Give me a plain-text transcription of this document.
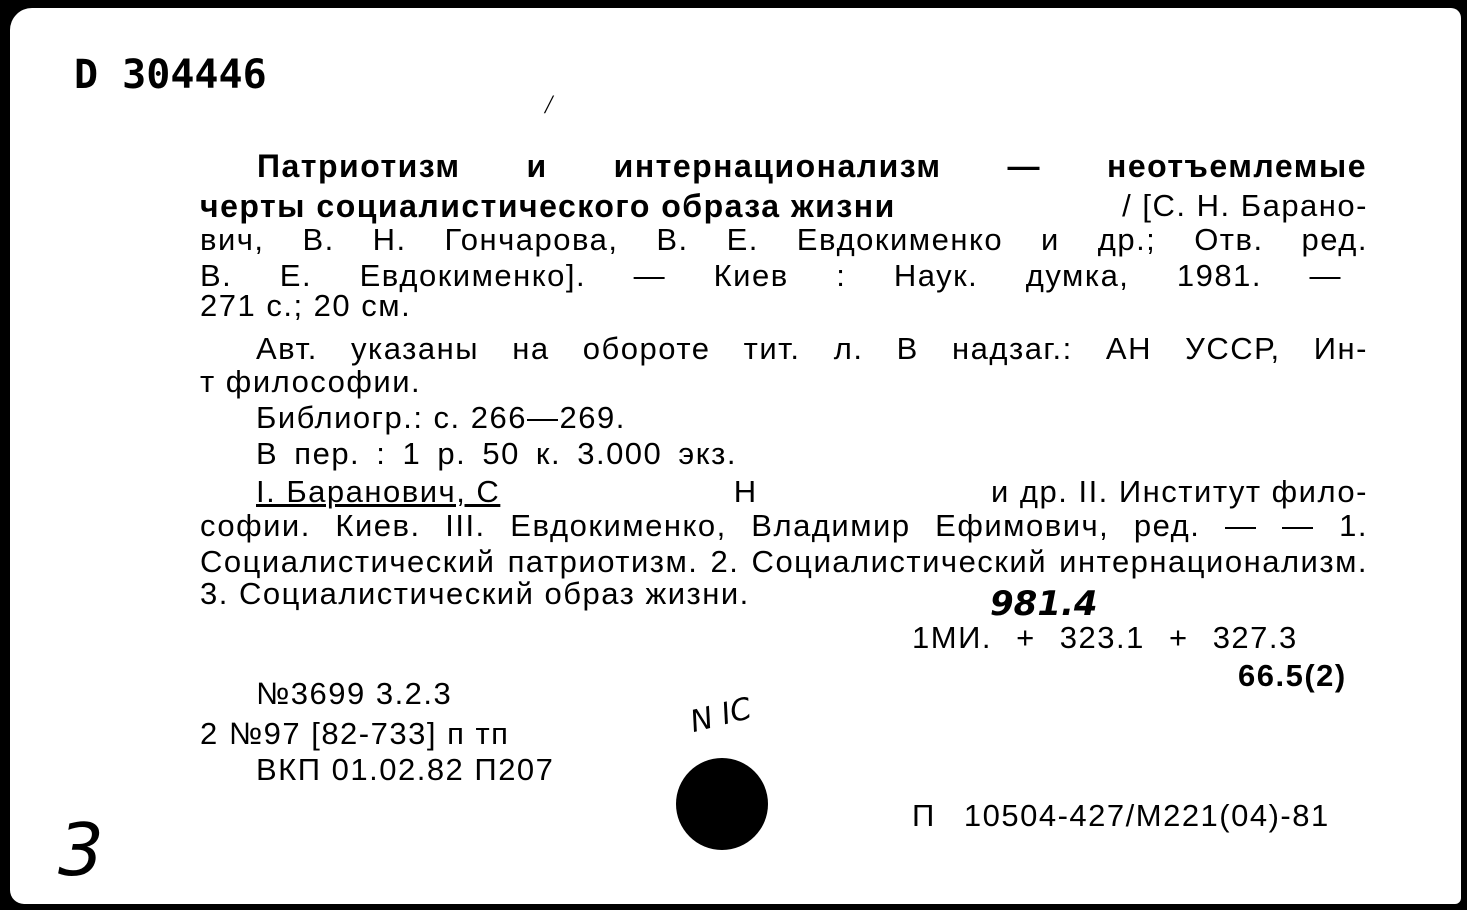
D 304446
/
Патриотизм и интернационализм — неотъемлемые
черты социалистического образа жизни	/ [С. Н. Барано-
вич, В. Н. Гончарова, В. Е. Евдокименко и др.; Отв. ред.
В. Е. Евдокименко]. — Киев : Наук. думка, 1981. —
271 с.; 20 см.
Авт. указаны на обороте тит. л. В надзаг.: АН УССР, Ин-
т философии.
Библиогр.: с. 266—269.
В пер. : 1 р. 50 к. 3.000 экз.
I. Баранович, С	Н	и др. II. Институт фило-
софии. Киев. III. Евдокименко, Владимир Ефимович, ред. — — 1.
Социалистический патриотизм. 2. Социалистический интернационализм.
3. Социалистический образ жизни.	981.4
1МИ. + 323.1 + 327.3
66.5(2)
№3699 3.2.3
2 №97 [82-733] п тп
ВКП 01.02.82 П207
N IC
П 10504-427/М221(04)-81
3
